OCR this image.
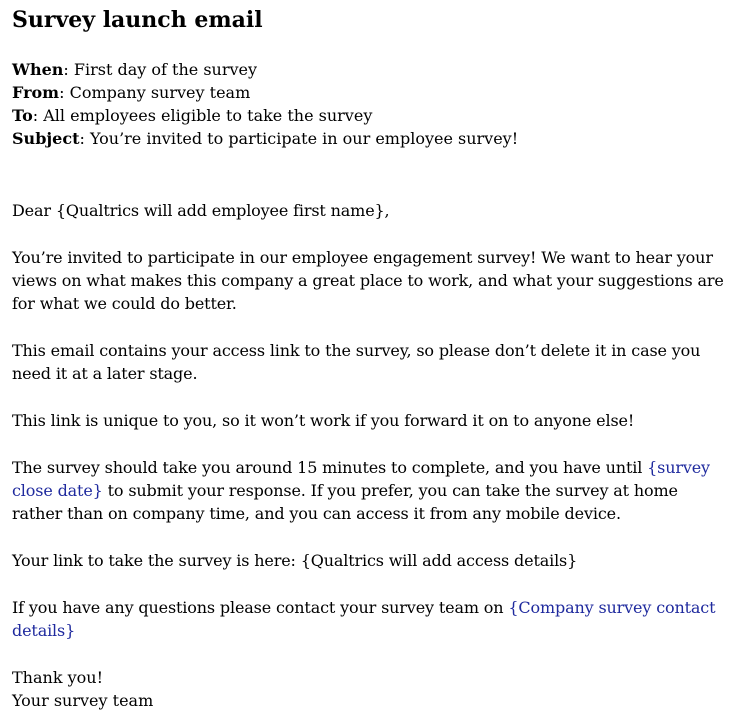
Survey launch email

When: First day of the survey

From: Company survey team

To: All employees eligible to take the survey

Subject: You’re invited to participate in our employee survey!

Dear {Qualtrics will add employee first name},

You’re invited to participate in our employee engagement survey! We want to hear your views on what makes this company a great place to work, and what your suggestions are for what we could do better.

This email contains your access link to the survey, so please don’t delete it in case you need it at a later stage.

This link is unique to you, so it won’t work if you forward it on to anyone else!

The survey should take you around 15 minutes to complete, and you have until {survey close date} to submit your response. If you prefer, you can take the survey at home rather than on company time, and you can access it from any mobile device.

Your link to take the survey is here: {Qualtrics will add access details}

If you have any questions please contact your survey team on {Company survey contact details}

Thank you!

Your survey team
